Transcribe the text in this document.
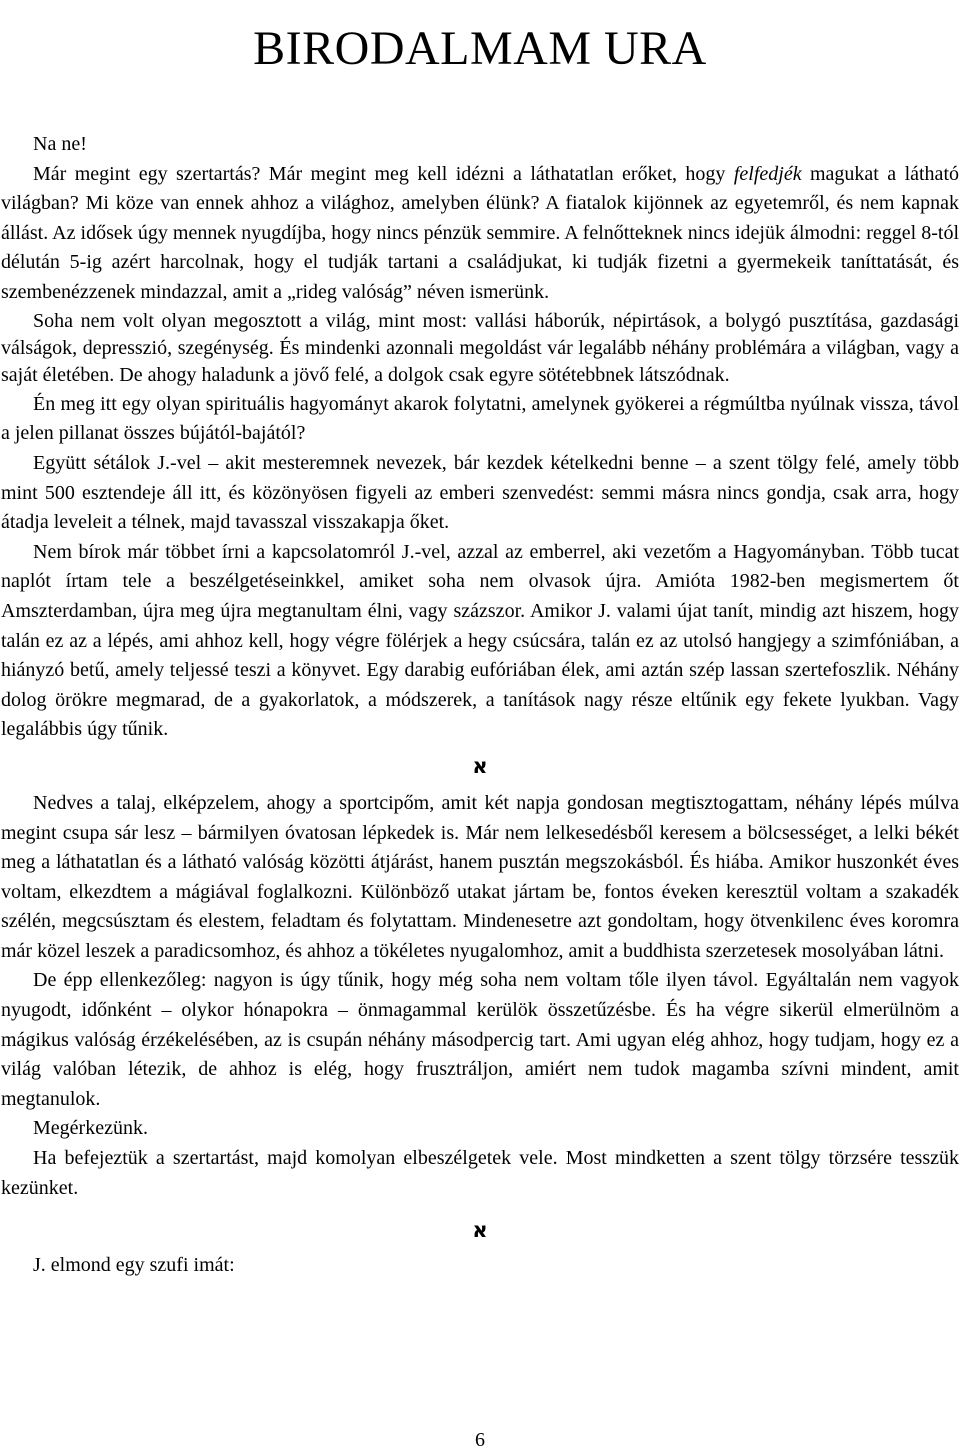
BIRODALMAM URA

Na ne!

Már megint egy szertartás? Már megint meg kell idézni a láthatatlan erőket, hogy felfedjék magukat a látható világban? Mi köze van ennek ahhoz a világhoz, amelyben élünk? A fiatalok kijönnek az egyetemről, és nem kapnak állást. Az idősek úgy mennek nyugdíjba, hogy nincs pénzük semmire. A felnőtteknek nincs idejük álmodni: reggel 8-tól délután 5-ig azért harcolnak, hogy el tudják tartani a családjukat, ki tudják fizetni a gyermekeik taníttatását, és szembenézzenek mindazzal, amit a „rideg valóság” néven ismerünk.

Soha nem volt olyan megosztott a világ, mint most: vallási háborúk, népirtások, a bolygó pusztítása, gazdasági válságok, depresszió, szegénység. És mindenki azonnali megoldást vár legalább néhány problémára a világban, vagy a saját életében. De ahogy haladunk a jövő felé, a dolgok csak egyre sötétebbnek látszódnak.

Én meg itt egy olyan spirituális hagyományt akarok folytatni, amelynek gyökerei a régmúltba nyúlnak vissza, távol a jelen pillanat összes bújától-bajától?

Együtt sétálok J.-vel – akit mesteremnek nevezek, bár kezdek kételkedni benne – a szent tölgy felé, amely több mint 500 esztendeje áll itt, és közönyösen figyeli az emberi szenvedést: semmi másra nincs gondja, csak arra, hogy átadja leveleit a télnek, majd tavasszal visszakapja őket.

Nem bírok már többet írni a kapcsolatomról J.-vel, azzal az emberrel, aki vezetőm a Hagyományban. Több tucat naplót írtam tele a beszélgetéseinkkel, amiket soha nem olvasok újra. Amióta 1982-ben megismertem őt Amszterdamban, újra meg újra megtanultam élni, vagy százszor. Amikor J. valami újat tanít, mindig azt hiszem, hogy talán ez az a lépés, ami ahhoz kell, hogy végre fölérjek a hegy csúcsára, talán ez az utolsó hangjegy a szimfóniában, a hiányzó betű, amely teljessé teszi a könyvet. Egy darabig eufóriában élek, ami aztán szép lassan szertefoszlik. Néhány dolog örökre megmarad, de a gyakorlatok, a módszerek, a tanítások nagy része eltűnik egy fekete lyukban. Vagy legalábbis úgy tűnik.

א

Nedves a talaj, elképzelem, ahogy a sportcipőm, amit két napja gondosan megtisztogattam, néhány lépés múlva megint csupa sár lesz – bármilyen óvatosan lépkedek is. Már nem lelkesedésből keresem a bölcsességet, a lelki békét meg a láthatatlan és a látható valóság közötti átjárást, hanem pusztán megszokásból. És hiába. Amikor huszonkét éves voltam, elkezdtem a mágiával foglalkozni. Különböző utakat jártam be, fontos éveken keresztül voltam a szakadék szélén, megcsúsztam és elestem, feladtam és folytattam. Mindenesetre azt gondoltam, hogy ötvenkilenc éves koromra már közel leszek a paradicsomhoz, és ahhoz a tökéletes nyugalomhoz, amit a buddhista szerzetesek mosolyában látni.

De épp ellenkezőleg: nagyon is úgy tűnik, hogy még soha nem voltam tőle ilyen távol. Egyáltalán nem vagyok nyugodt, időnként – olykor hónapokra – önmagammal kerülök összetűzésbe. És ha végre sikerül elmerülnöm a mágikus valóság érzékelésében, az is csupán néhány másodpercig tart. Ami ugyan elég ahhoz, hogy tudjam, hogy ez a világ valóban létezik, de ahhoz is elég, hogy frusztráljon, amiért nem tudok magamba szívni mindent, amit megtanulok.

Megérkezünk.

Ha befejeztük a szertartást, majd komolyan elbeszélgetek vele. Most mindketten a szent tölgy törzsére tesszük kezünket.

א

J. elmond egy szufi imát:

6
